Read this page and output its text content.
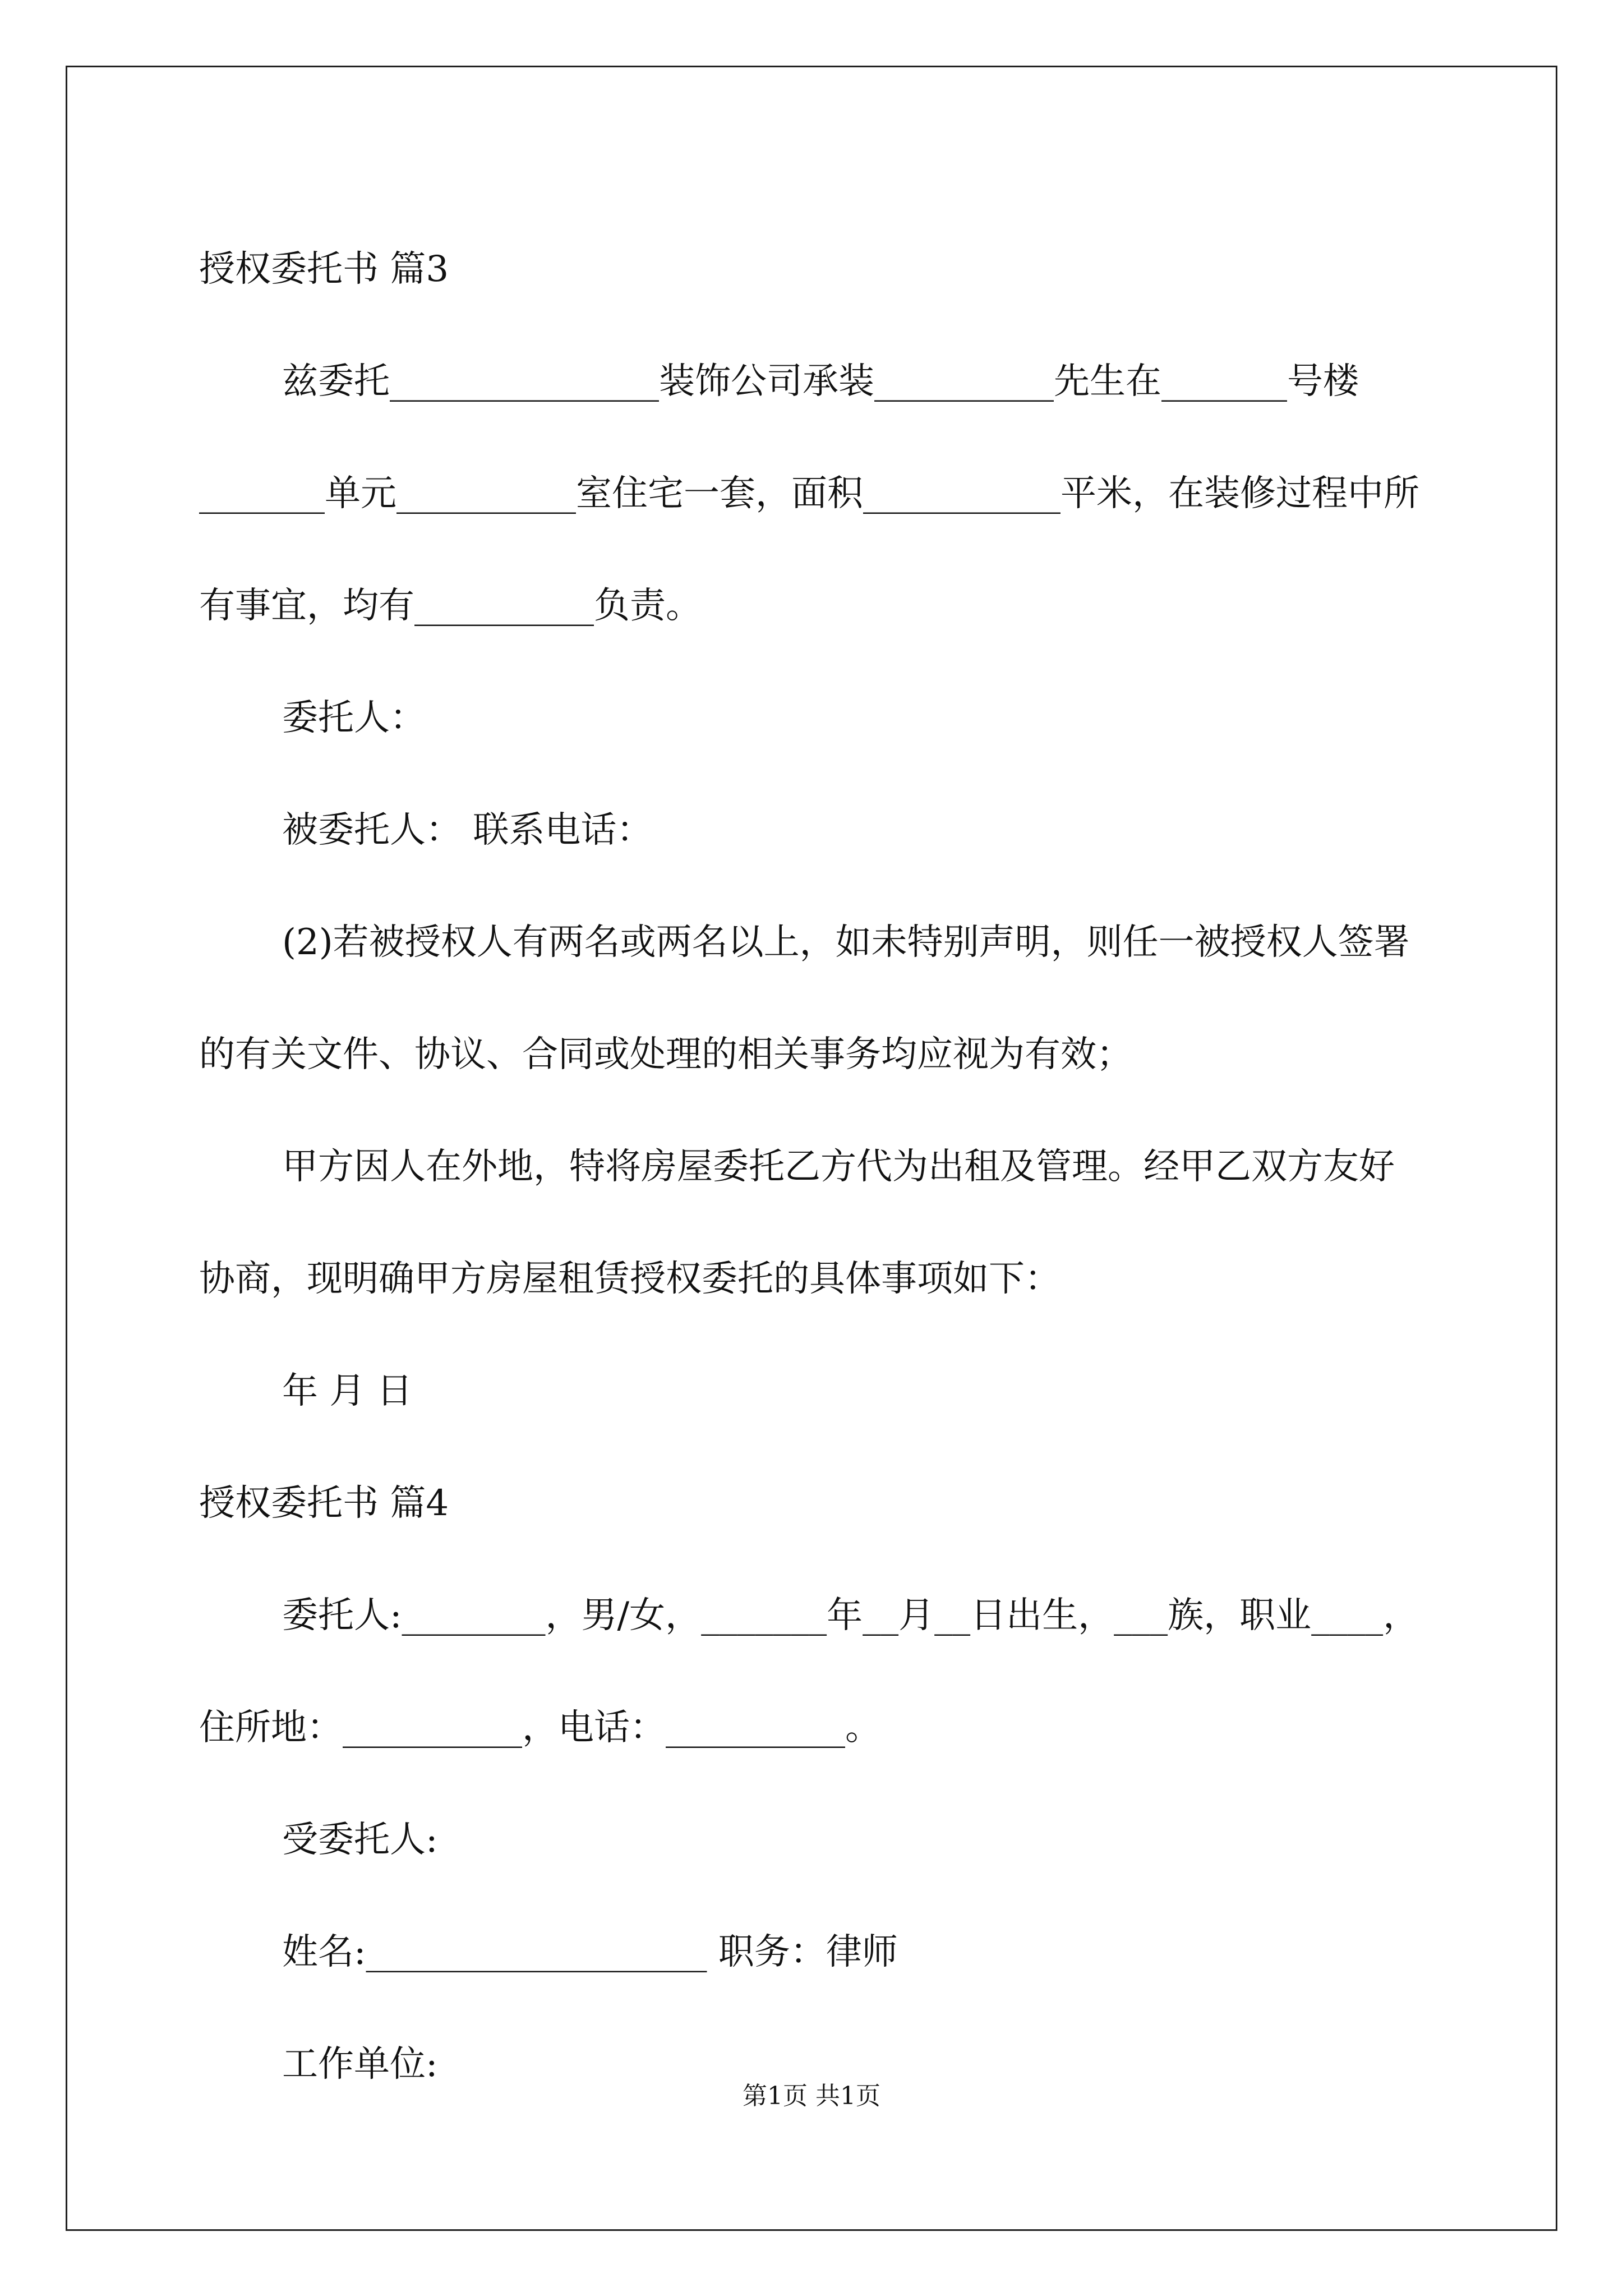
授权委托书 篇3

兹委托_______________装饰公司承装__________先生在_______号楼_______单元__________室住宅一套，面积___________平米，在装修过程中所有事宜，均有__________负责。

委托人：

被委托人： 联系电话：

(2)若被授权人有两名或两名以上，如未特别声明，则任一被授权人签署的有关文件、协议、合同或处理的相关事务均应视为有效；

甲方因人在外地，特将房屋委托乙方代为出租及管理。经甲乙双方友好协商，现明确甲方房屋租赁授权委托的具体事项如下：

年 月 日

授权委托书 篇4

委托人:________，男/女，_______年__月__日出生，___族，职业____，住所地：__________，电话：__________。

受委托人:

姓名:___________________ 职务：律师

工作单位:

第1页 共1页
